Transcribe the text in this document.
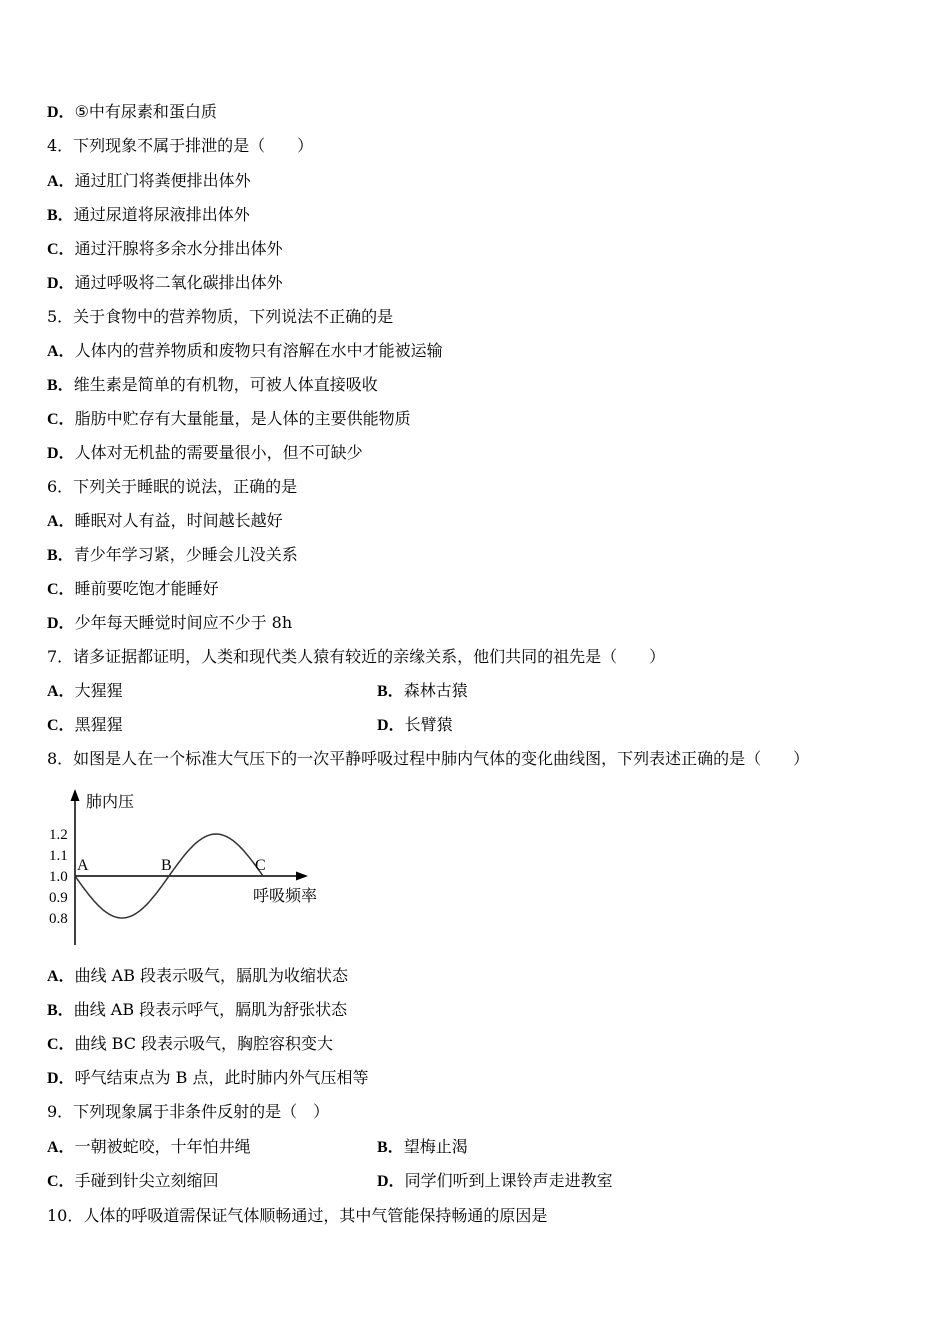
D．⑤中有尿素和蛋白质
4．下列现象不属于排泄的是（　　）
A．通过肛门将粪便排出体外
B．通过尿道将尿液排出体外
C．通过汗腺将多余水分排出体外
D．通过呼吸将二氧化碳排出体外
5．关于食物中的营养物质，下列说法不正确的是
A．人体内的营养物质和废物只有溶解在水中才能被运输
B．维生素是简单的有机物，可被人体直接吸收
C．脂肪中贮存有大量能量，是人体的主要供能物质
D．人体对无机盐的需要量很小，但不可缺少
6．下列关于睡眠的说法，正确的是
A．睡眠对人有益，时间越长越好
B．青少年学习紧，少睡会儿没关系
C．睡前要吃饱才能睡好
D．少年每天睡觉时间应不少于 8h
7．诸多证据都证明，人类和现代类人猿有较近的亲缘关系，他们共同的祖先是（　　）
A．大猩猩	B．森林古猿
C．黑猩猩	D．长臂猿
8．如图是人在一个标准大气压下的一次平静呼吸过程中肺内气体的变化曲线图，下列表述正确的是（　　）
肺内压
呼吸频率
1.2
1.1
1.0
0.9
0.8
A	B	C
A．曲线 AB 段表示吸气，膈肌为收缩状态
B．曲线 AB 段表示呼气，膈肌为舒张状态
C．曲线 BC 段表示吸气，胸腔容积变大
D．呼气结束点为 B 点，此时肺内外气压相等
9．下列现象属于非条件反射的是（　）
A．一朝被蛇咬，十年怕井绳	B．望梅止渴
C．手碰到针尖立刻缩回	D．同学们听到上课铃声走进教室
10．人体的呼吸道需保证气体顺畅通过，其中气管能保持畅通的原因是
